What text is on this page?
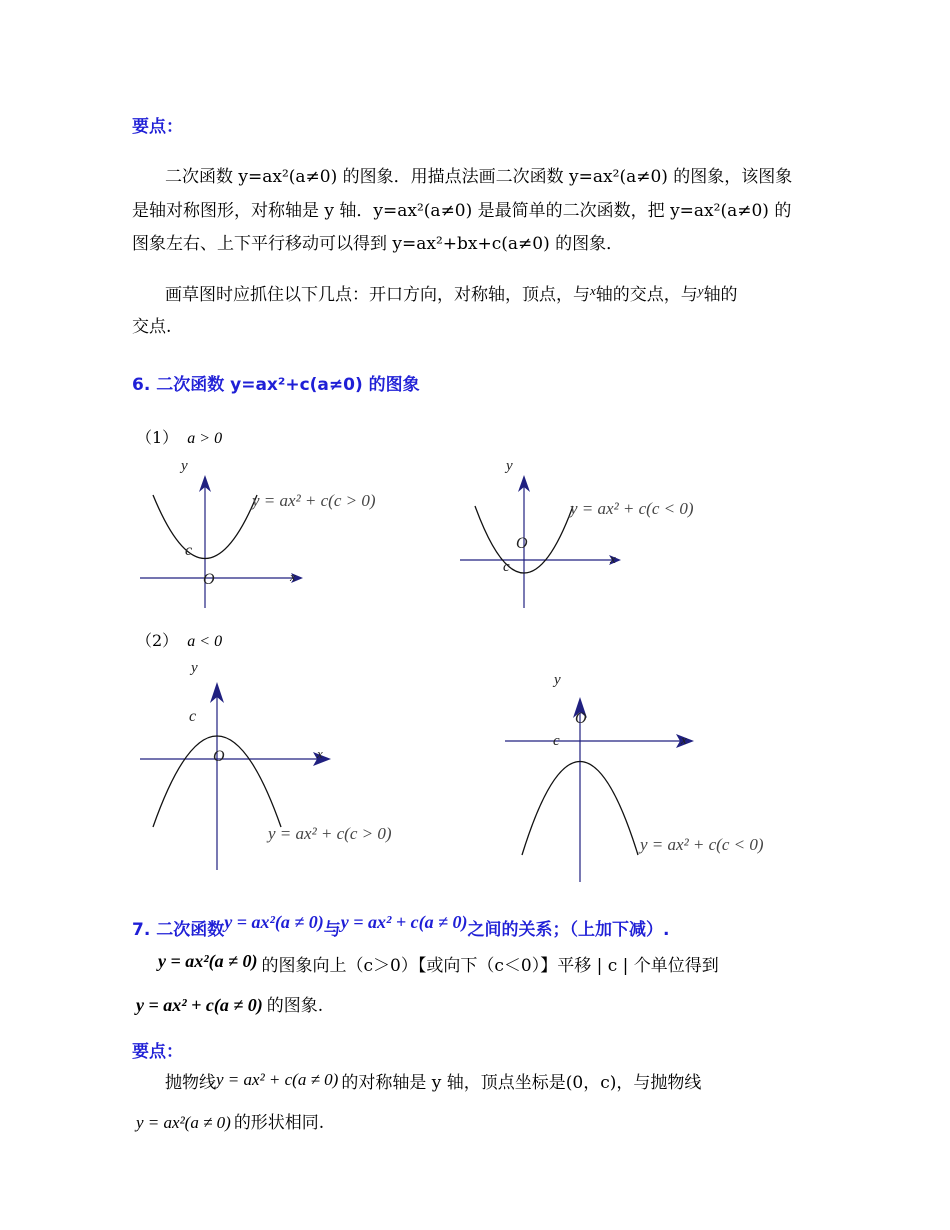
要点：
二次函数 y=ax²(a≠0) 的图象．用描点法画二次函数 y=ax²(a≠0) 的图象，该图象
是轴对称图形，对称轴是 y 轴．y=ax²(a≠0) 是最简单的二次函数，把 y=ax²(a≠0) 的
图象左右、上下平行移动可以得到 y=ax²+bx+c(a≠0) 的图象．
画草图时应抓住以下几点：开口方向，对称轴，顶点，与$^x$轴的交点，与$^y$轴的
交点.
6. 二次函数 y=ax²+c(a≠0) 的图象
（1） a > 0
x
y
O
c
y = ax² + c(c > 0)
x
y
O
c
y = ax² + c(c < 0)
（2） a < 0
x
y
O
c
y = ax² + c(c > 0)
x
y
O
c
y = ax² + c(c < 0)
7. 二次函数y = ax²(a ≠ 0)与y = ax² + c(a ≠ 0)之间的关系；（上加下减）.
y = ax²(a ≠ 0) 的图象向上（c＞0）【或向下（c＜0）】平移 | c | 个单位得到
y = ax² + c(a ≠ 0) 的图象.
要点：
抛物线y = ax² + c(a ≠ 0) 的对称轴是 y 轴，顶点坐标是(0，c)，与抛物线
y = ax²(a ≠ 0) 的形状相同.
